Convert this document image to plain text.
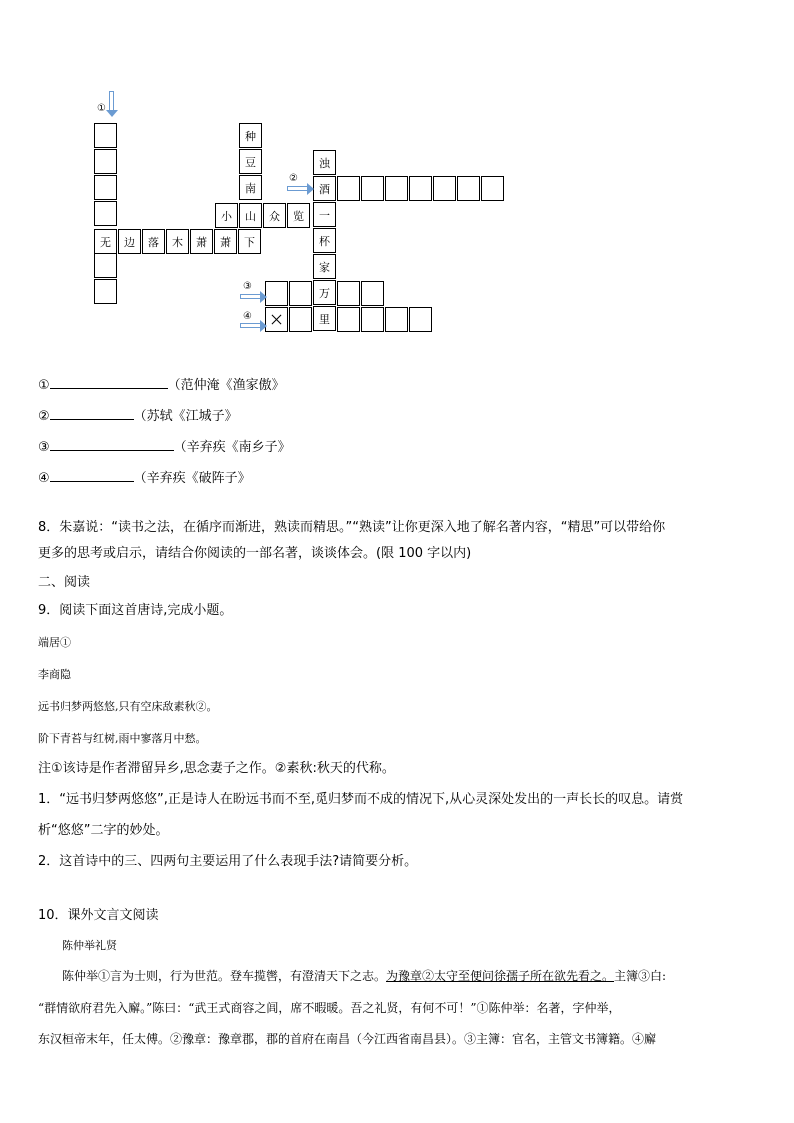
无	边	落	木	萧	萧	下
种
豆
南
小	山	众	览
浊
酒
一
杯
家
万
里
①
②
③
④
①	（范仲淹《渔家傲》
②	（苏轼《江城子》
③	（辛弃疾《南乡子》
④	（辛弃疾《破阵子》
8．朱嘉说：“读书之法，在循序而渐进，熟读而精思。”“熟读”让你更深入地了解名著内容，“精思”可以带给你
更多的思考或启示，请结合你阅读的一部名著，谈谈体会。(限 100 字以内)
二、阅读
9．阅读下面这首唐诗,完成小题。
端居①
李商隐
远书归梦两悠悠,只有空床敌素秋②。
阶下青苔与红树,雨中寥落月中愁。
注①该诗是作者滞留异乡,思念妻子之作。②素秋:秋天的代称。
1．“远书归梦两悠悠”,正是诗人在盼远书而不至,觅归梦而不成的情况下,从心灵深处发出的一声长长的叹息。请赏
析“悠悠”二字的妙处。
2．这首诗中的三、四两句主要运用了什么表现手法?请简要分析。
10．课外文言文阅读
陈仲举礼贤
陈仲举①言为士则，行为世范。登车揽辔，有澄清天下之志。为豫章②太守至便问徐孺子所在欲先看之。主簿③白:
“群情欲府君先入廨。”陈曰：“武王式商容之闾，席不暇暖。吾之礼贤，有何不可！”①陈仲举：名著，字仲举，
东汉桓帝末年，任太傅。②豫章：豫章郡，郡的首府在南昌（今江西省南昌县）。③主簿：官名，主管文书簿籍。④廨
